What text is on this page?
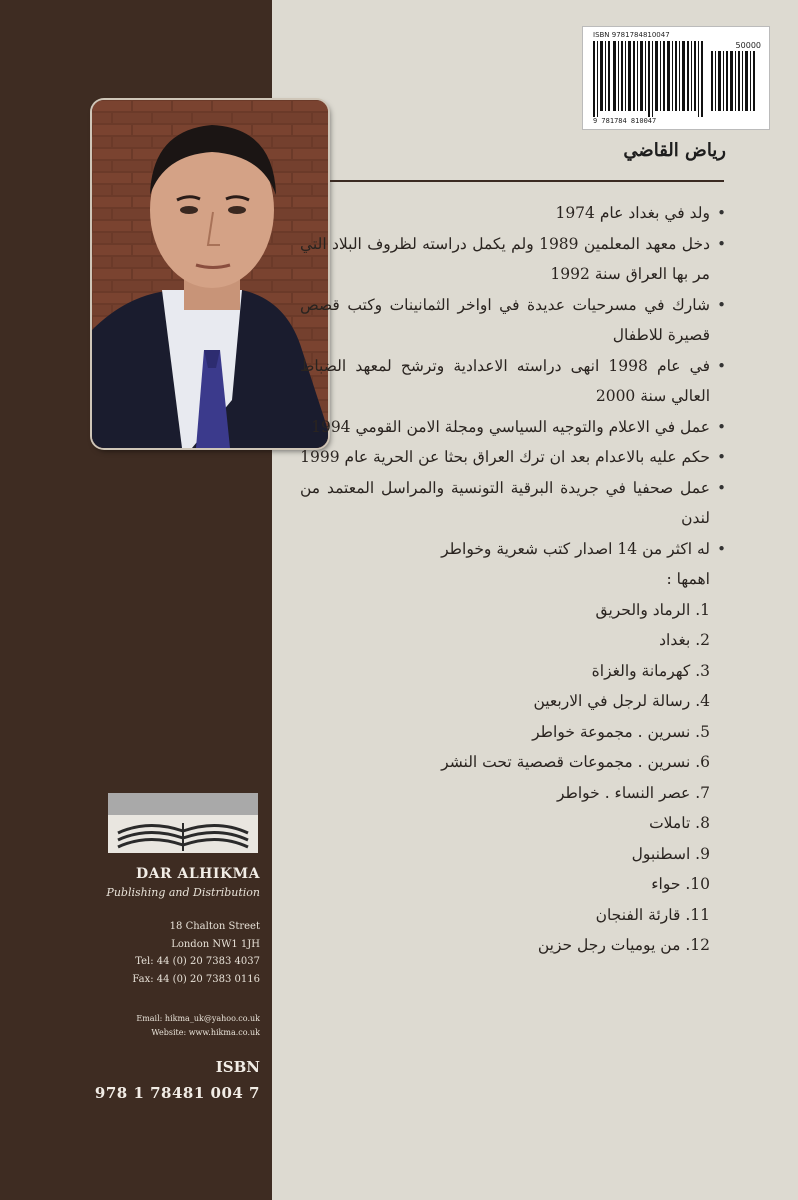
ISBN 9781784810047
50000
9 781784 810047
رياض القاضي
• ولد في بغداد عام 1974
• دخل معهد المعلمين 1989 ولم يكمل دراسته لظروف البلاد التي مر بها العراق سنة 1992
• شارك في مسرحيات عديدة في اواخر الثمانينات وكتب قصص قصيرة للاطفال
• في عام 1998 انهى دراسته الاعدادية وترشح لمعهد الضباط العالي سنة 2000
• عمل في الاعلام والتوجيه السياسي ومجلة الامن القومي 1994
• حكم عليه بالاعدام بعد ان ترك العراق بحثا عن الحرية عام 1999
• عمل صحفيا في جريدة البرقية التونسية والمراسل المعتمد من لندن
• له اكثر من 14 اصدار كتب شعرية وخواطر
اهمها :
1. الرماد والحريق
2. بغداد
3. كهرمانة والغزاة
4. رسالة لرجل في الاربعين
5. نسرين . مجموعة خواطر
6. نسرين . مجموعات قصصية تحت النشر
7. عصر النساء . خواطر
8. تاملات
9. اسطنبول
10. حواء
11. قارئة الفنجان
12. من يوميات رجل حزين
DAR ALHIKMA
Publishing and Distribution
18 Chalton Street
London NW1 1JH
Tel: 44 (0) 20 7383 4037
Fax: 44 (0) 20 7383 0116
Email: hikma_uk@yahoo.co.uk
Website: www.hikma.co.uk
ISBN
978 1 78481 004 7
